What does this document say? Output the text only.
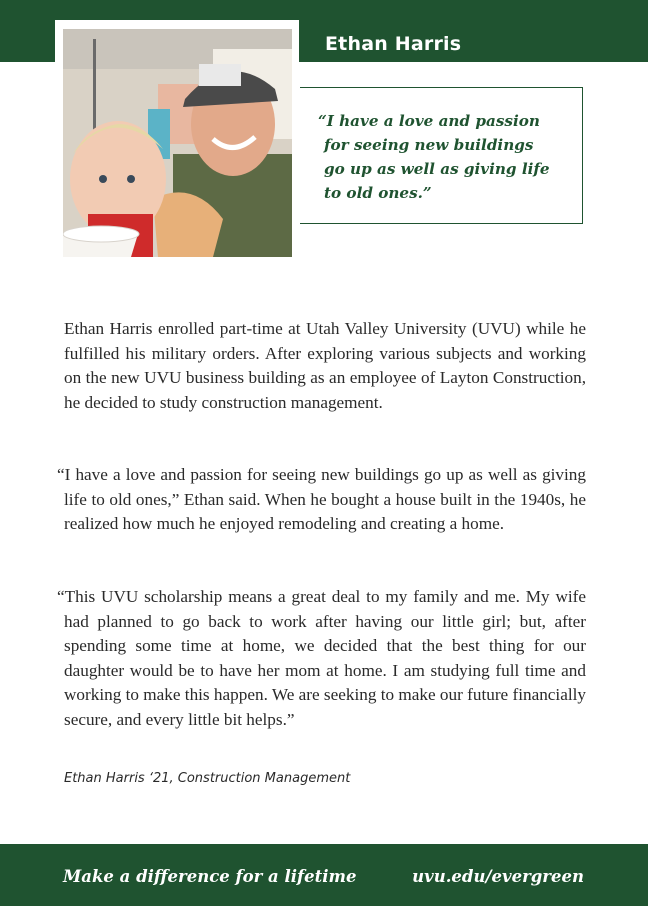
Ethan Harris
“I have a love and passion
for seeing new buildings
go up as well as giving life
to old ones.”

Ethan Harris enrolled part-time at Utah Valley University (UVU) while he fulfilled his military orders. After exploring various subjects and working on the new UVU business building as an employee of Layton Construction, he decided to study construction management.

“I have a love and passion for seeing new buildings go up as well as giving life to old ones,” Ethan said. When he bought a house built in the 1940s, he realized how much he enjoyed remodeling and creating a home.

“This UVU scholarship means a great deal to my family and me. My wife had planned to go back to work after having our little girl; but, after spending some time at home, we decided that the best thing for our daughter would be to have her mom at home. I am studying full time and working to make this happen. We are seeking to make our future financially secure, and every little bit helps.”

Ethan Harris ‘21, Construction Management
Make a difference for a lifetime	uvu.edu/evergreen
